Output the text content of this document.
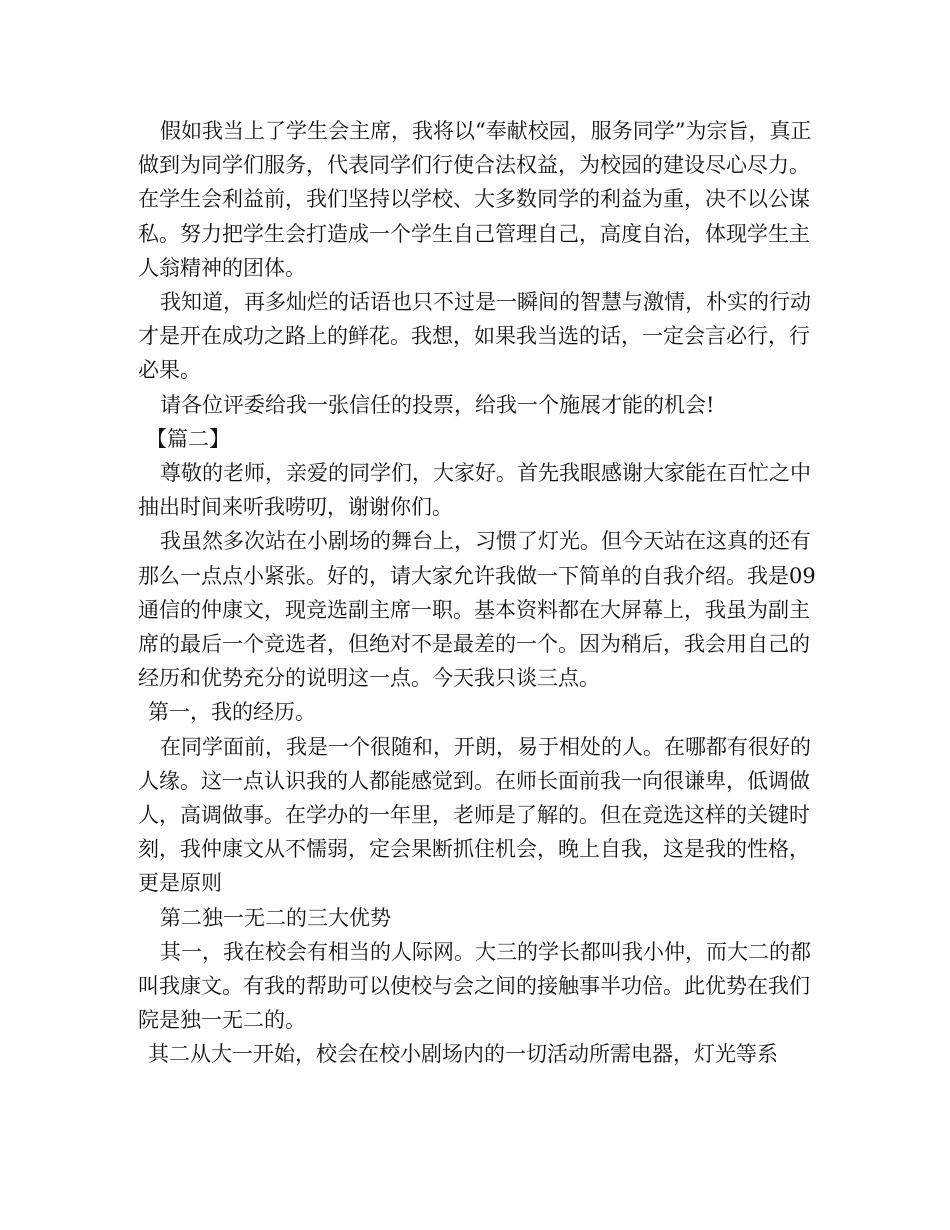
假如我当上了学生会主席，我将以“奉献校园，服务同学”为宗旨，真正做到为同学们服务，代表同学们行使合法权益，为校园的建设尽心尽力。在学生会利益前，我们坚持以学校、大多数同学的利益为重，决不以公谋私。努力把学生会打造成一个学生自己管理自己，高度自治，体现学生主人翁精神的团体。

我知道，再多灿烂的话语也只不过是一瞬间的智慧与激情，朴实的行动才是开在成功之路上的鲜花。我想，如果我当选的话，一定会言必行，行必果。

请各位评委给我一张信任的投票，给我一个施展才能的机会!

【篇二】

尊敬的老师，亲爱的同学们，大家好。首先我眼感谢大家能在百忙之中抽出时间来听我唠叨，谢谢你们。

我虽然多次站在小剧场的舞台上，习惯了灯光。但今天站在这真的还有那么一点点小紧张。好的，请大家允许我做一下简单的自我介绍。我是09通信的仲康文，现竞选副主席一职。基本资料都在大屏幕上，我虽为副主席的最后一个竞选者，但绝对不是最差的一个。因为稍后，我会用自己的经历和优势充分的说明这一点。今天我只谈三点。

第一，我的经历。

在同学面前，我是一个很随和，开朗，易于相处的人。在哪都有很好的人缘。这一点认识我的人都能感觉到。在师长面前我一向很谦卑，低调做人，高调做事。在学办的一年里，老师是了解的。但在竞选这样的关键时刻，我仲康文从不懦弱，定会果断抓住机会，晚上自我，这是我的性格，更是原则

第二独一无二的三大优势

其一，我在校会有相当的人际网。大三的学长都叫我小仲，而大二的都叫我康文。有我的帮助可以使校与会之间的接触事半功倍。此优势在我们院是独一无二的。

其二从大一开始，校会在校小剧场内的一切活动所需电器，灯光等系
